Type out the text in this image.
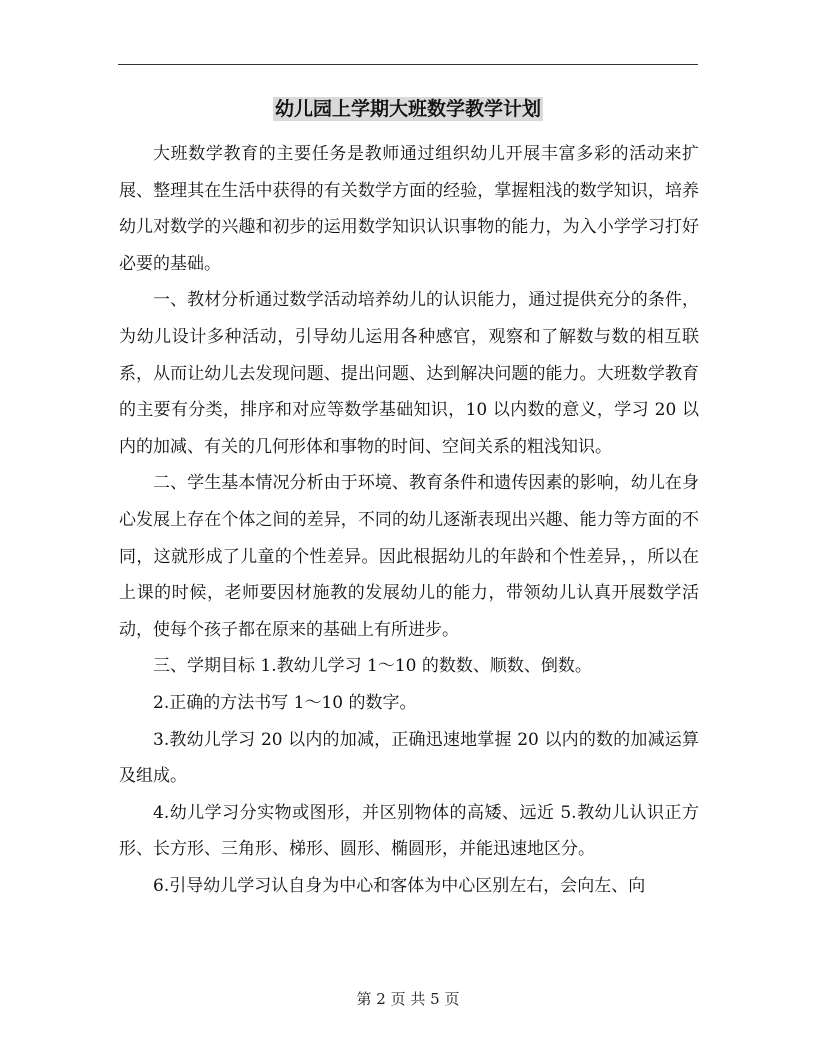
幼儿园上学期大班数学教学计划

大班数学教育的主要任务是教师通过组织幼儿开展丰富多彩的活动来扩展、整理其在生活中获得的有关数学方面的经验，掌握粗浅的数学知识，培养幼儿对数学的兴趣和初步的运用数学知识认识事物的能力，为入小学学习打好必要的基础。

一、教材分析通过数学活动培养幼儿的认识能力，通过提供充分的条件，为幼儿设计多种活动，引导幼儿运用各种感官，观察和了解数与数的相互联系，从而让幼儿去发现问题、提出问题、达到解决问题的能力。大班数学教育的主要有分类，排序和对应等数学基础知识，10 以内数的意义，学习 20 以内的加减、有关的几何形体和事物的时间、空间关系的粗浅知识。

二、学生基本情况分析由于环境、教育条件和遗传因素的影响，幼儿在身心发展上存在个体之间的差异，不同的幼儿逐渐表现出兴趣、能力等方面的不同，这就形成了儿童的个性差异。因此根据幼儿的年龄和个性差异，，所以在上课的时候，老师要因材施教的发展幼儿的能力，带领幼儿认真开展数学活动，使每个孩子都在原来的基础上有所进步。

三、学期目标 1.教幼儿学习 1～10 的数数、顺数、倒数。

2.正确的方法书写 1～10 的数字。

3.教幼儿学习 20 以内的加减，正确迅速地掌握 20 以内的数的加减运算及组成。

4.幼儿学习分实物或图形，并区别物体的高矮、远近 5.教幼儿认识正方形、长方形、三角形、梯形、圆形、椭圆形，并能迅速地区分。

6.引导幼儿学习认自身为中心和客体为中心区别左右，会向左、向

第 2 页 共 5 页
